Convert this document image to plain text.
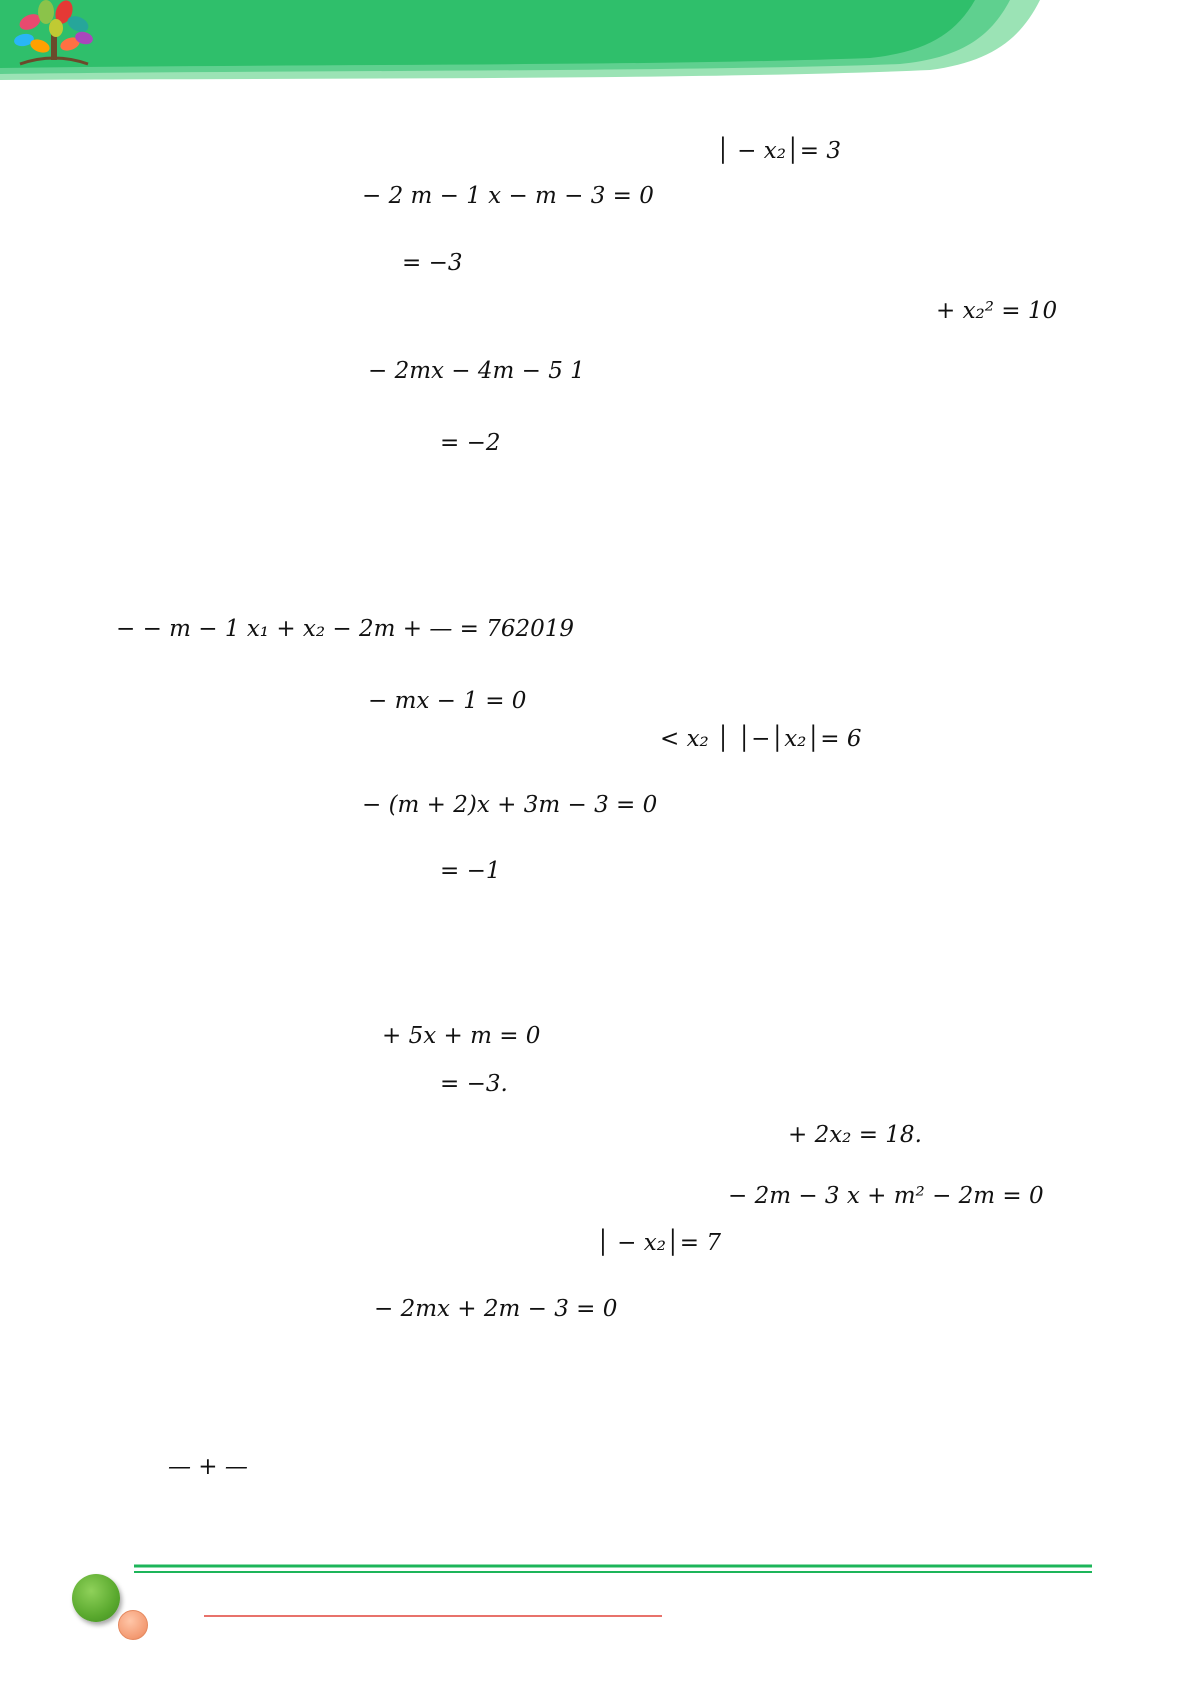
│ − x₂│= 3
− 2 m − 1 x − m − 3 = 0
= −3
+ x₂² = 10
− 2mx − 4m − 5 1
= −2
− − m − 1 x₁ + x₂ − 2m + — = 762019
− mx − 1 = 0
< x₂ │ │−│x₂│= 6
− (m + 2)x + 3m − 3 = 0
= −1
+ 5x + m = 0
= −3.
+ 2x₂ = 18.
− 2m − 3 x + m² − 2m = 0
│ − x₂│= 7
− 2mx + 2m − 3 = 0
— + —
